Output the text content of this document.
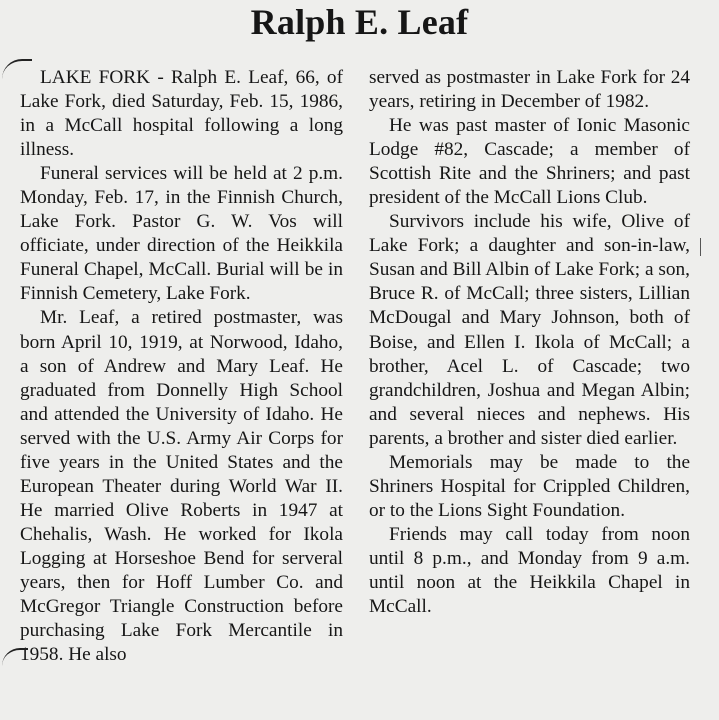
Ralph E. Leaf

LAKE FORK - Ralph E. Leaf, 66, of Lake Fork, died Saturday, Feb. 15, 1986, in a McCall hospital following a long illness.

Funeral services will be held at 2 p.m. Monday, Feb. 17, in the Finnish Church, Lake Fork. Pastor G. W. Vos will officiate, under direction of the Heikkila Funeral Chapel, McCall. Burial will be in Finnish Cemetery, Lake Fork.

Mr. Leaf, a retired postmaster, was born April 10, 1919, at Norwood, Idaho, a son of Andrew and Mary Leaf. He graduated from Donnelly High School and attended the University of Idaho. He served with the U.S. Army Air Corps for five years in the United States and the European Theater during World War II. He married Olive Roberts in 1947 at Chehalis, Wash. He worked for Ikola Logging at Horseshoe Bend for serveral years, then for Hoff Lumber Co. and McGregor Triangle Construction before purchasing Lake Fork Mercantile in 1958. He also

served as postmaster in Lake Fork for 24 years, retiring in December of 1982.

He was past master of Ionic Masonic Lodge #82, Cascade; a member of Scottish Rite and the Shriners; and past president of the McCall Lions Club.

Survivors include his wife, Olive of Lake Fork; a daughter and son-in-law, Susan and Bill Albin of Lake Fork; a son, Bruce R. of McCall; three sisters, Lillian McDougal and Mary Johnson, both of Boise, and Ellen I. Ikola of McCall; a brother, Acel L. of Cascade; two grandchildren, Joshua and Megan Albin; and several nieces and nephews. His parents, a brother and sister died earlier.

Memorials may be made to the Shriners Hospital for Crippled Children, or to the Lions Sight Foundation.

Friends may call today from noon until 8 p.m., and Monday from 9 a.m. until noon at the Heikkila Chapel in McCall.
